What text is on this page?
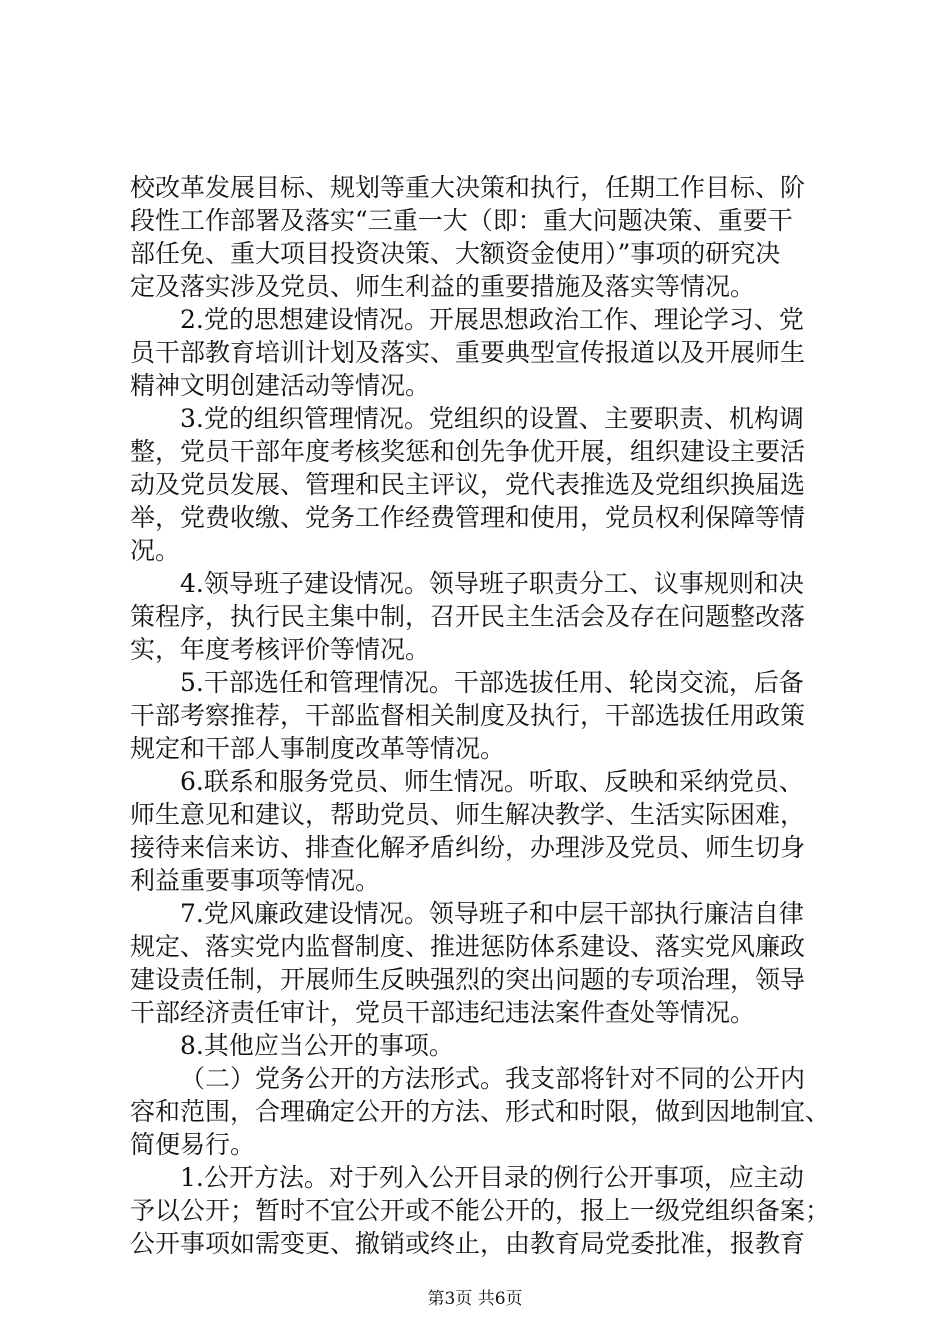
校改革发展目标、规划等重大决策和执行，任期工作目标、阶
段性工作部署及落实“三重一大（即：重大问题决策、重要干
部任免、重大项目投资决策、大额资金使用）”事项的研究决
定及落实涉及党员、师生利益的重要措施及落实等情况。
2.党的思想建设情况。开展思想政治工作、理论学习、党
员干部教育培训计划及落实、重要典型宣传报道以及开展师生
精神文明创建活动等情况。
3.党的组织管理情况。党组织的设置、主要职责、机构调
整，党员干部年度考核奖惩和创先争优开展，组织建设主要活
动及党员发展、管理和民主评议，党代表推选及党组织换届选
举，党费收缴、党务工作经费管理和使用，党员权利保障等情
况。
4.领导班子建设情况。领导班子职责分工、议事规则和决
策程序，执行民主集中制，召开民主生活会及存在问题整改落
实，年度考核评价等情况。
5.干部选任和管理情况。干部选拔任用、轮岗交流，后备
干部考察推荐，干部监督相关制度及执行，干部选拔任用政策
规定和干部人事制度改革等情况。
6.联系和服务党员、师生情况。听取、反映和采纳党员、
师生意见和建议，帮助党员、师生解决教学、生活实际困难，
接待来信来访、排查化解矛盾纠纷，办理涉及党员、师生切身
利益重要事项等情况。
7.党风廉政建设情况。领导班子和中层干部执行廉洁自律
规定、落实党内监督制度、推进惩防体系建设、落实党风廉政
建设责任制，开展师生反映强烈的突出问题的专项治理，领导
干部经济责任审计，党员干部违纪违法案件查处等情况。
8.其他应当公开的事项。
（二）党务公开的方法形式。我支部将针对不同的公开内
容和范围，合理确定公开的方法、形式和时限，做到因地制宜、
简便易行。
1.公开方法。对于列入公开目录的例行公开事项，应主动
予以公开；暂时不宜公开或不能公开的，报上一级党组织备案；
公开事项如需变更、撤销或终止，由教育局党委批准，报教育
第3页 共6页
